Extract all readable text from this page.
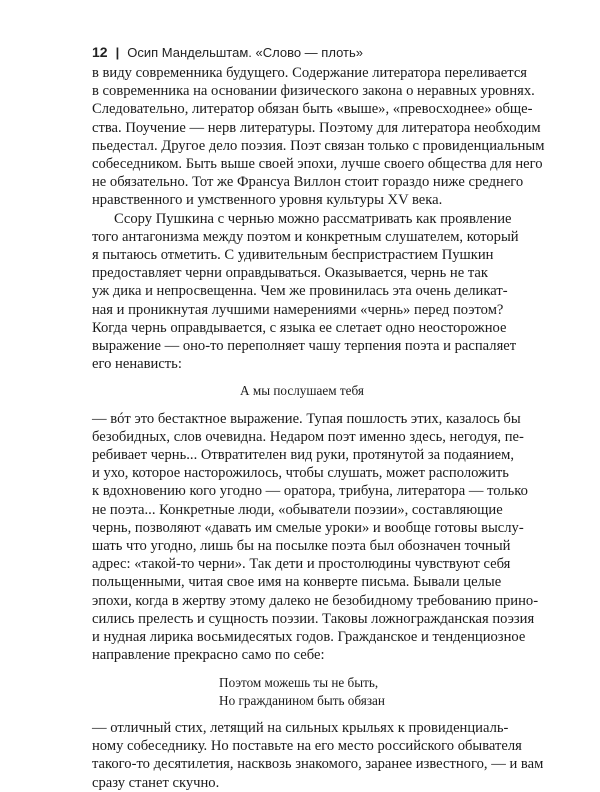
12 | Осип Мандельштам. «Слово — плоть»
в виду современника будущего. Содержание литератора переливается
в современника на основании физического закона о неравных уровнях.
Следовательно, литератор обязан быть «выше», «превосходнее» обще-
ства. Поучение — нерв литературы. Поэтому для литератора необходим
пьедестал. Другое дело поэзия. Поэт связан только с провиденциальным
собеседником. Быть выше своей эпохи, лучше своего общества для него
не обязательно. Тот же Франсуа Виллон стоит гораздо ниже среднего
нравственного и умственного уровня культуры XV века.
Ссору Пушкина с чернью можно рассматривать как проявление
того антагонизма между поэтом и конкретным слушателем, который
я пытаюсь отметить. С удивительным беспристрастием Пушкин
предоставляет черни оправдываться. Оказывается, чернь не так
уж дика и непросвещенна. Чем же провинилась эта очень деликат-
ная и проникнутая лучшими намерениями «чернь» перед поэтом?
Когда чернь оправдывается, с языка ее слетает одно неосторожное
выражение — оно-то переполняет чашу терпения поэта и распаляет
его ненависть:
А мы послушаем тебя
— вóт это бестактное выражение. Тупая пошлость этих, казалось бы
безобидных, слов очевидна. Недаром поэт именно здесь, негодуя, пе-
ребивает чернь... Отвратителен вид руки, протянутой за подаянием,
и ухо, которое насторожилось, чтобы слушать, может расположить
к вдохновению кого угодно — оратора, трибуна, литератора — только
не поэта... Конкретные люди, «обыватели поэзии», составляющие
чернь, позволяют «давать им смелые уроки» и вообще готовы выслу-
шать что угодно, лишь бы на посылке поэта был обозначен точный
адрес: «такой-то черни». Так дети и простолюдины чувствуют себя
польщенными, читая свое имя на конверте письма. Бывали целые
эпохи, когда в жертву этому далеко не безобидному требованию прино-
сились прелесть и сущность поэзии. Таковы ложногражданская поэзия
и нудная лирика восьмидесятых годов. Гражданское и тенденциозное
направление прекрасно само по себе:
Поэтом можешь ты не быть,
Но гражданином быть обязан
— отличный стих, летящий на сильных крыльях к провиденциаль-
ному собеседнику. Но поставьте на его место российского обывателя
такого-то десятилетия, насквозь знакомого, заранее известного, — и вам
сразу станет скучно.
